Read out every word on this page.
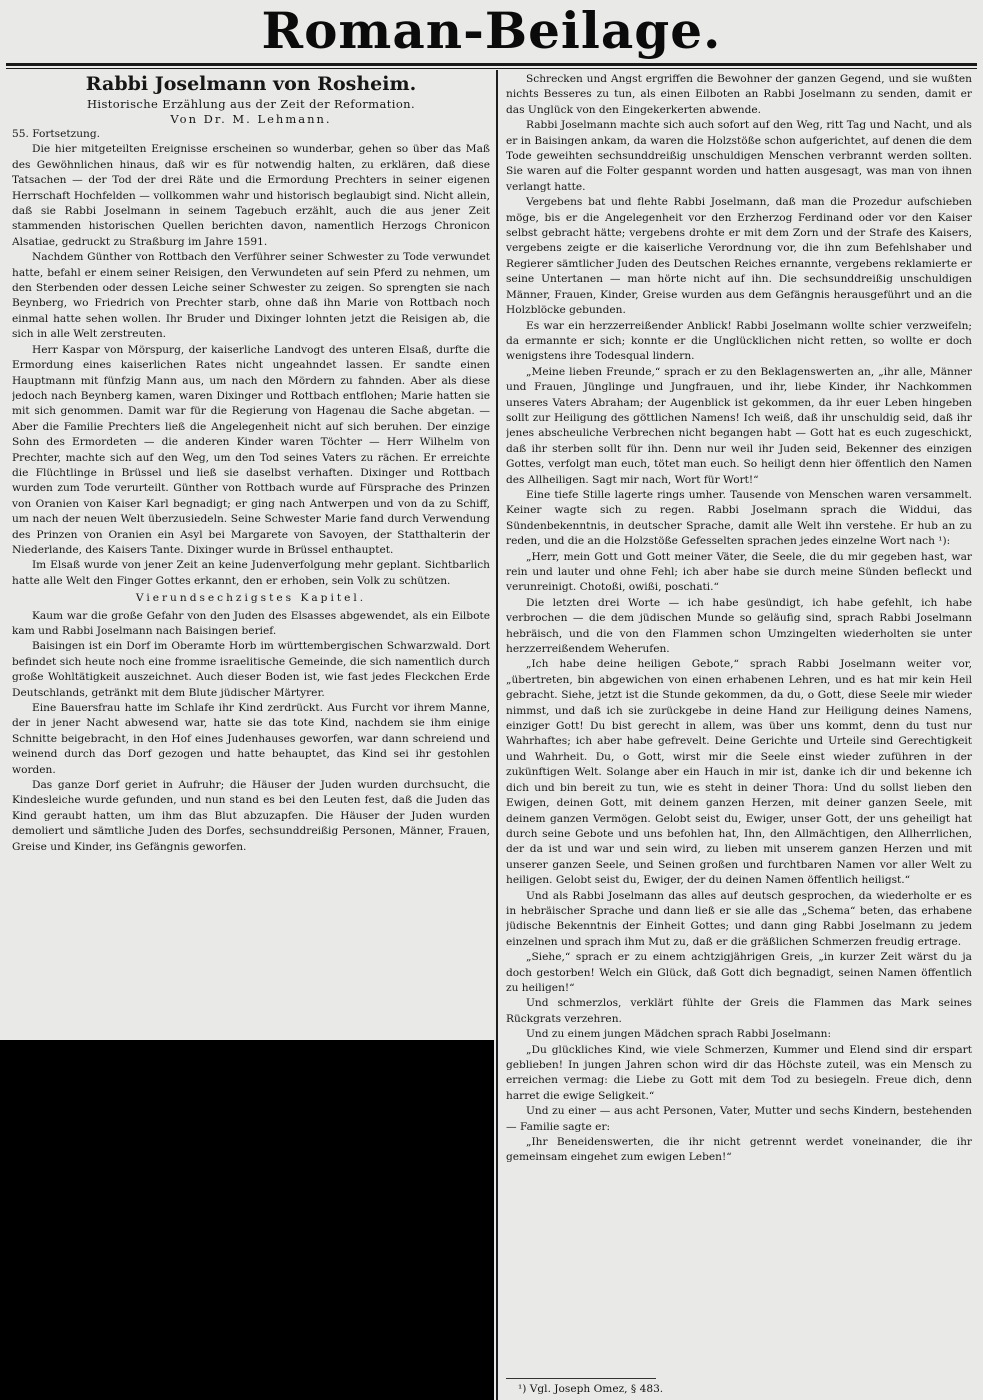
Roman-Beilage.
Rabbi Joselmann von Rosheim.
Historische Erzählung aus der Zeit der Reformation.
Von Dr. M. Lehmann.
55. Fortsetzung.

Die hier mitgeteilten Ereignisse erscheinen so wunderbar, gehen so über das Maß des Gewöhnlichen hinaus, daß wir es für notwendig halten, zu erklären, daß diese Tatsachen — der Tod der drei Räte und die Ermordung Prechters in seiner eigenen Herrschaft Hochfelden — vollkommen wahr und historisch beglaubigt sind. Nicht allein, daß sie Rabbi Joselmann in seinem Tagebuch erzählt, auch die aus jener Zeit stammenden historischen Quellen berichten davon, namentlich Herzogs Chronicon Alsatiae, gedruckt zu Straßburg im Jahre 1591.

Nachdem Günther von Rottbach den Verführer seiner Schwester zu Tode verwundet hatte, befahl er einem seiner Reisigen, den Verwundeten auf sein Pferd zu nehmen, um den Sterbenden oder dessen Leiche seiner Schwester zu zeigen. So sprengten sie nach Beynberg, wo Friedrich von Prechter starb, ohne daß ihn Marie von Rottbach noch einmal hatte sehen wollen. Ihr Bruder und Dixinger lohnten jetzt die Reisigen ab, die sich in alle Welt zerstreuten.

Herr Kaspar von Mörspurg, der kaiserliche Landvogt des unteren Elsaß, durfte die Ermordung eines kaiserlichen Rates nicht ungeahndet lassen. Er sandte einen Hauptmann mit fünfzig Mann aus, um nach den Mördern zu fahnden. Aber als diese jedoch nach Beynberg kamen, waren Dixinger und Rottbach entflohen; Marie hatten sie mit sich genommen. Damit war für die Regierung von Hagenau die Sache abgetan. — Aber die Familie Prechters ließ die Angelegenheit nicht auf sich beruhen. Der einzige Sohn des Ermordeten — die anderen Kinder waren Töchter — Herr Wilhelm von Prechter, machte sich auf den Weg, um den Tod seines Vaters zu rächen. Er erreichte die Flüchtlinge in Brüssel und ließ sie daselbst verhaften. Dixinger und Rottbach wurden zum Tode verurteilt. Günther von Rottbach wurde auf Fürsprache des Prinzen von Oranien von Kaiser Karl begnadigt; er ging nach Antwerpen und von da zu Schiff, um nach der neuen Welt überzusiedeln. Seine Schwester Marie fand durch Verwendung des Prinzen von Oranien ein Asyl bei Margarete von Savoyen, der Statthalterin der Niederlande, des Kaisers Tante. Dixinger wurde in Brüssel enthauptet.

Im Elsaß wurde von jener Zeit an keine Judenverfolgung mehr geplant. Sichtbarlich hatte alle Welt den Finger Gottes erkannt, den er erhoben, sein Volk zu schützen.

Vierundsechzigstes Kapitel.

Kaum war die große Gefahr von den Juden des Elsasses abgewendet, als ein Eilbote kam und Rabbi Joselmann nach Baisingen berief.

Baisingen ist ein Dorf im Oberamte Horb im württembergischen Schwarzwald. Dort befindet sich heute noch eine fromme israelitische Gemeinde, die sich namentlich durch große Wohltätigkeit auszeichnet. Auch dieser Boden ist, wie fast jedes Fleckchen Erde Deutschlands, getränkt mit dem Blute jüdischer Märtyrer.

Eine Bauersfrau hatte im Schlafe ihr Kind zerdrückt. Aus Furcht vor ihrem Manne, der in jener Nacht abwesend war, hatte sie das tote Kind, nachdem sie ihm einige Schnitte beigebracht, in den Hof eines Judenhauses geworfen, war dann schreiend und weinend durch das Dorf gezogen und hatte behauptet, das Kind sei ihr gestohlen worden.

Das ganze Dorf geriet in Aufruhr; die Häuser der Juden wurden durchsucht, die Kindesleiche wurde gefunden, und nun stand es bei den Leuten fest, daß die Juden das Kind geraubt hatten, um ihm das Blut abzuzapfen. Die Häuser der Juden wurden demoliert und sämtliche Juden des Dorfes, sechsunddreißig Personen, Männer, Frauen, Greise und Kinder, ins Gefängnis geworfen.

Schrecken und Angst ergriffen die Bewohner der ganzen Gegend, und sie wußten nichts Besseres zu tun, als einen Eilboten an Rabbi Joselmann zu senden, damit er das Unglück von den Eingekerkerten abwende.

Rabbi Joselmann machte sich auch sofort auf den Weg, ritt Tag und Nacht, und als er in Baisingen ankam, da waren die Holzstöße schon aufgerichtet, auf denen die dem Tode geweihten sechsunddreißig unschuldigen Menschen verbrannt werden sollten. Sie waren auf die Folter gespannt worden und hatten ausgesagt, was man von ihnen verlangt hatte.

Vergebens bat und flehte Rabbi Joselmann, daß man die Prozedur aufschieben möge, bis er die Angelegenheit vor den Erzherzog Ferdinand oder vor den Kaiser selbst gebracht hätte; vergebens drohte er mit dem Zorn und der Strafe des Kaisers, vergebens zeigte er die kaiserliche Verordnung vor, die ihn zum Befehlshaber und Regierer sämtlicher Juden des Deutschen Reiches ernannte, vergebens reklamierte er seine Untertanen — man hörte nicht auf ihn. Die sechsunddreißig unschuldigen Männer, Frauen, Kinder, Greise wurden aus dem Gefängnis herausgeführt und an die Holzblöcke gebunden.

Es war ein herzzerreißender Anblick! Rabbi Joselmann wollte schier verzweifeln; da ermannte er sich; konnte er die Unglücklichen nicht retten, so wollte er doch wenigstens ihre Todesqual lindern.

„Meine lieben Freunde,“ sprach er zu den Beklagenswerten an, „ihr alle, Männer und Frauen, Jünglinge und Jungfrauen, und ihr, liebe Kinder, ihr Nachkommen unseres Vaters Abraham; der Augenblick ist gekommen, da ihr euer Leben hingeben sollt zur Heiligung des göttlichen Namens! Ich weiß, daß ihr unschuldig seid, daß ihr jenes abscheuliche Verbrechen nicht begangen habt — Gott hat es euch zugeschickt, daß ihr sterben sollt für ihn. Denn nur weil ihr Juden seid, Bekenner des einzigen Gottes, verfolgt man euch, tötet man euch. So heiligt denn hier öffentlich den Namen des Allheiligen. Sagt mir nach, Wort für Wort!“

Eine tiefe Stille lagerte rings umher. Tausende von Menschen waren versammelt. Keiner wagte sich zu regen. Rabbi Joselmann sprach die Widdui, das Sündenbekenntnis, in deutscher Sprache, damit alle Welt ihn verstehe. Er hub an zu reden, und die an die Holzstöße Gefesselten sprachen jedes einzelne Wort nach ¹):

„Herr, mein Gott und Gott meiner Väter, die Seele, die du mir gegeben hast, war rein und lauter und ohne Fehl; ich aber habe sie durch meine Sünden befleckt und verunreinigt. Chotoßi, owißi, poschati.“

Die letzten drei Worte — ich habe gesündigt, ich habe gefehlt, ich habe verbrochen — die dem jüdischen Munde so geläufig sind, sprach Rabbi Joselmann hebräisch, und die von den Flammen schon Umzingelten wiederholten sie unter herzzerreißendem Weherufen.

„Ich habe deine heiligen Gebote,“ sprach Rabbi Joselmann weiter vor, „übertreten, bin abgewichen von einen erhabenen Lehren, und es hat mir kein Heil gebracht. Siehe, jetzt ist die Stunde gekommen, da du, o Gott, diese Seele mir wieder nimmst, und daß ich sie zurückgebe in deine Hand zur Heiligung deines Namens, einziger Gott! Du bist gerecht in allem, was über uns kommt, denn du tust nur Wahrhaftes; ich aber habe gefrevelt. Deine Gerichte und Urteile sind Gerechtigkeit und Wahrheit. Du, o Gott, wirst mir die Seele einst wieder zuführen in der zukünftigen Welt. Solange aber ein Hauch in mir ist, danke ich dir und bekenne ich dich und bin bereit zu tun, wie es steht in deiner Thora: Und du sollst lieben den Ewigen, deinen Gott, mit deinem ganzen Herzen, mit deiner ganzen Seele, mit deinem ganzen Vermögen. Gelobt seist du, Ewiger, unser Gott, der uns geheiligt hat durch seine Gebote und uns befohlen hat, Ihn, den Allmächtigen, den Allherrlichen, der da ist und war und sein wird, zu lieben mit unserem ganzen Herzen und mit unserer ganzen Seele, und Seinen großen und furchtbaren Namen vor aller Welt zu heiligen. Gelobt seist du, Ewiger, der du deinen Namen öffentlich heiligst.“

Und als Rabbi Joselmann das alles auf deutsch gesprochen, da wiederholte er es in hebräischer Sprache und dann ließ er sie alle das „Schema“ beten, das erhabene jüdische Bekenntnis der Einheit Gottes; und dann ging Rabbi Joselmann zu jedem einzelnen und sprach ihm Mut zu, daß er die gräßlichen Schmerzen freudig ertrage.

„Siehe,“ sprach er zu einem achtzigjährigen Greis, „in kurzer Zeit wärst du ja doch gestorben! Welch ein Glück, daß Gott dich begnadigt, seinen Namen öffentlich zu heiligen!“

Und schmerzlos, verklärt fühlte der Greis die Flammen das Mark seines Rückgrats verzehren.

Und zu einem jungen Mädchen sprach Rabbi Joselmann:

„Du glückliches Kind, wie viele Schmerzen, Kummer und Elend sind dir erspart geblieben! In jungen Jahren schon wird dir das Höchste zuteil, was ein Mensch zu erreichen vermag: die Liebe zu Gott mit dem Tod zu besiegeln. Freue dich, denn harret die ewige Seligkeit.“

Und zu einer — aus acht Personen, Vater, Mutter und sechs Kindern, bestehenden — Familie sagte er:

„Ihr Beneidenswerten, die ihr nicht getrennt werdet voneinander, die ihr gemeinsam eingehet zum ewigen Leben!“

¹) Vgl. Joseph Omez, § 483.
